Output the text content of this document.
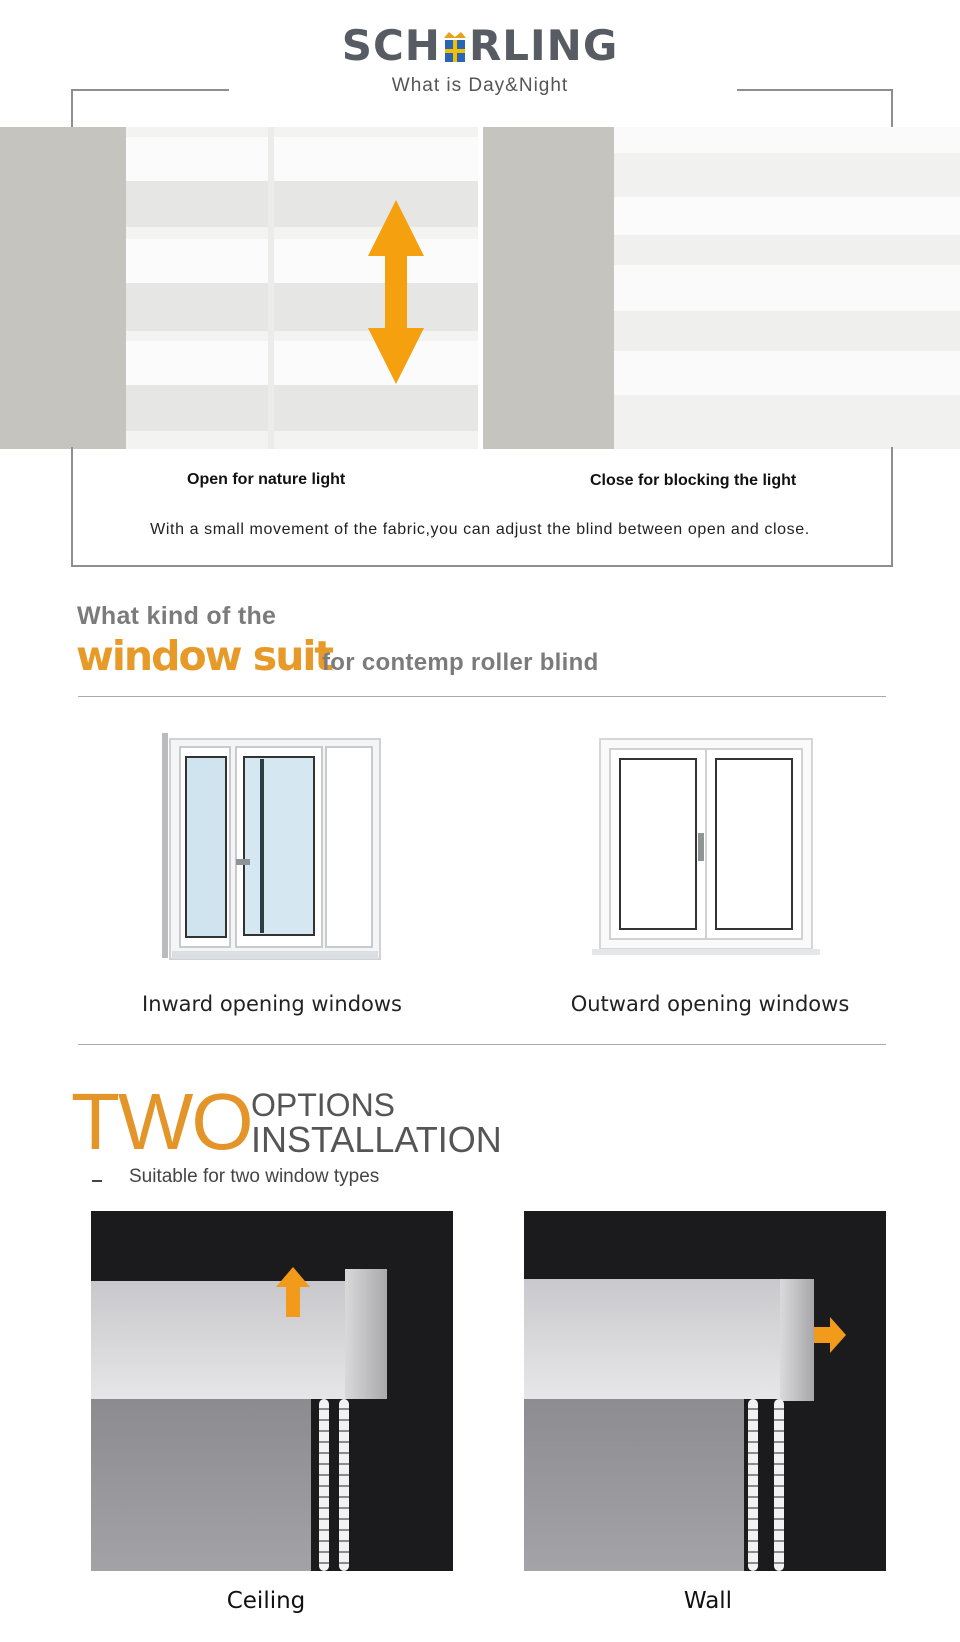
SCH RLING
What is Day&Night
Open for nature light	Close for blocking the light
With a small movement of the fabric,you can adjust the blind between open and close.
What kind of the
window suit
for contemp roller blind
Inward opening windows	Outward opening windows
TWO OPTIONS
INSTALLATION
Suitable for two window types
Ceiling	Wall
